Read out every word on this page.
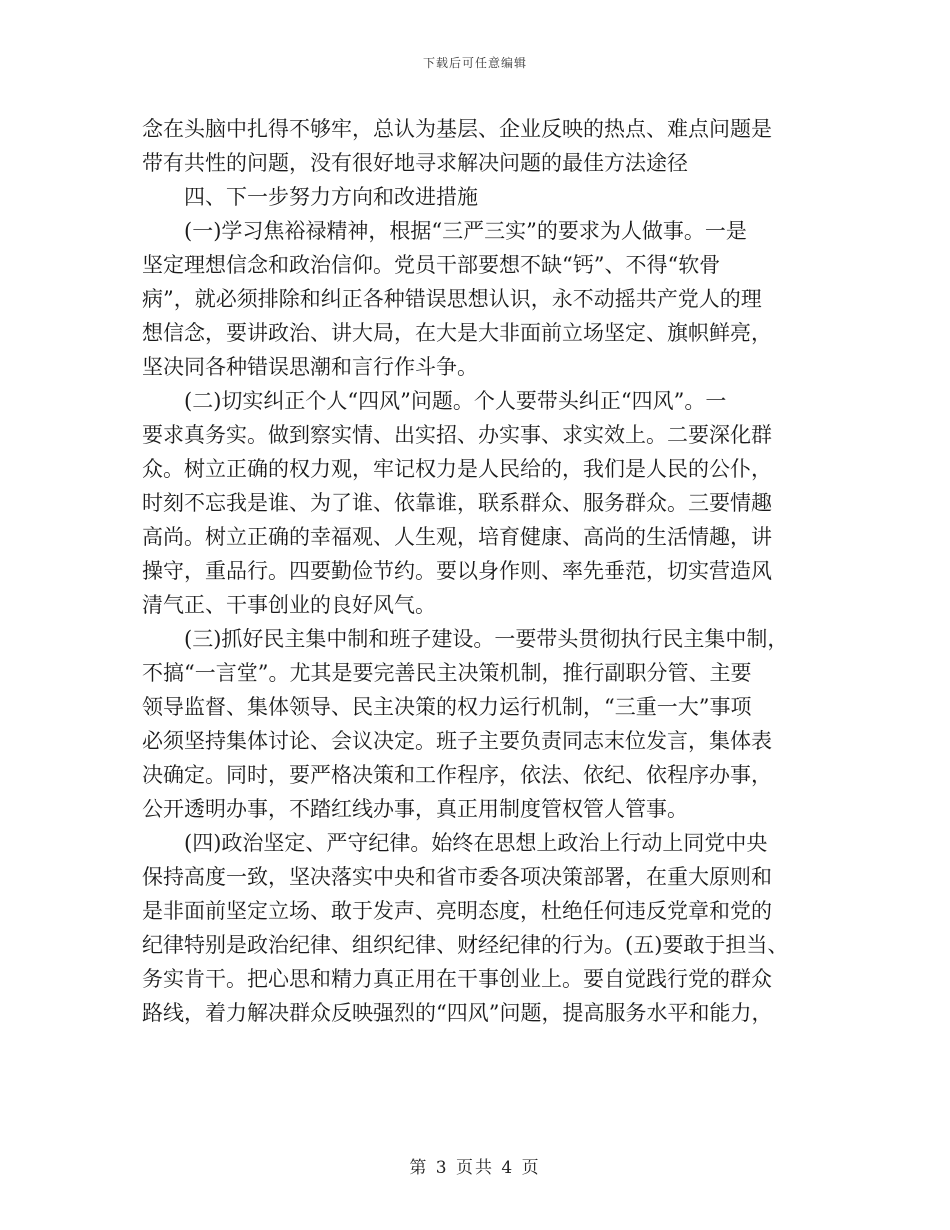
下载后可任意编辑

念在头脑中扎得不够牢，总认为基层、企业反映的热点、难点问题是
带有共性的问题，没有很好地寻求解决问题的最佳方法途径

　　四、下一步努力方向和改进措施

　　(一)学习焦裕禄精神，根据“三严三实”的要求为人做事。一是
坚定理想信念和政治信仰。党员干部要想不缺“钙”、不得“软骨
病”，就必须排除和纠正各种错误思想认识，永不动摇共产党人的理
想信念，要讲政治、讲大局，在大是大非面前立场坚定、旗帜鲜亮，
坚决同各种错误思潮和言行作斗争。

　　(二)切实纠正个人“四风”问题。个人要带头纠正“四风”。一
要求真务实。做到察实情、出实招、办实事、求实效上。二要深化群
众。树立正确的权力观，牢记权力是人民给的，我们是人民的公仆，
时刻不忘我是谁、为了谁、依靠谁，联系群众、服务群众。三要情趣
高尚。树立正确的幸福观、人生观，培育健康、高尚的生活情趣，讲
操守，重品行。四要勤俭节约。要以身作则、率先垂范，切实营造风
清气正、干事创业的良好风气。

　　(三)抓好民主集中制和班子建设。一要带头贯彻执行民主集中制，
不搞“一言堂”。尤其是要完善民主决策机制，推行副职分管、主要
领导监督、集体领导、民主决策的权力运行机制，“三重一大”事项
必须坚持集体讨论、会议决定。班子主要负责同志末位发言，集体表
决确定。同时，要严格决策和工作程序，依法、依纪、依程序办事，
公开透明办事，不踏红线办事，真正用制度管权管人管事。

　　(四)政治坚定、严守纪律。始终在思想上政治上行动上同党中央
保持高度一致，坚决落实中央和省市委各项决策部署，在重大原则和
是非面前坚定立场、敢于发声、亮明态度，杜绝任何违反党章和党的
纪律特别是政治纪律、组织纪律、财经纪律的行为。(五)要敢于担当、
务实肯干。把心思和精力真正用在干事创业上。要自觉践行党的群众
路线，着力解决群众反映强烈的“四风”问题，提高服务水平和能力，

第 3 页共 4 页
